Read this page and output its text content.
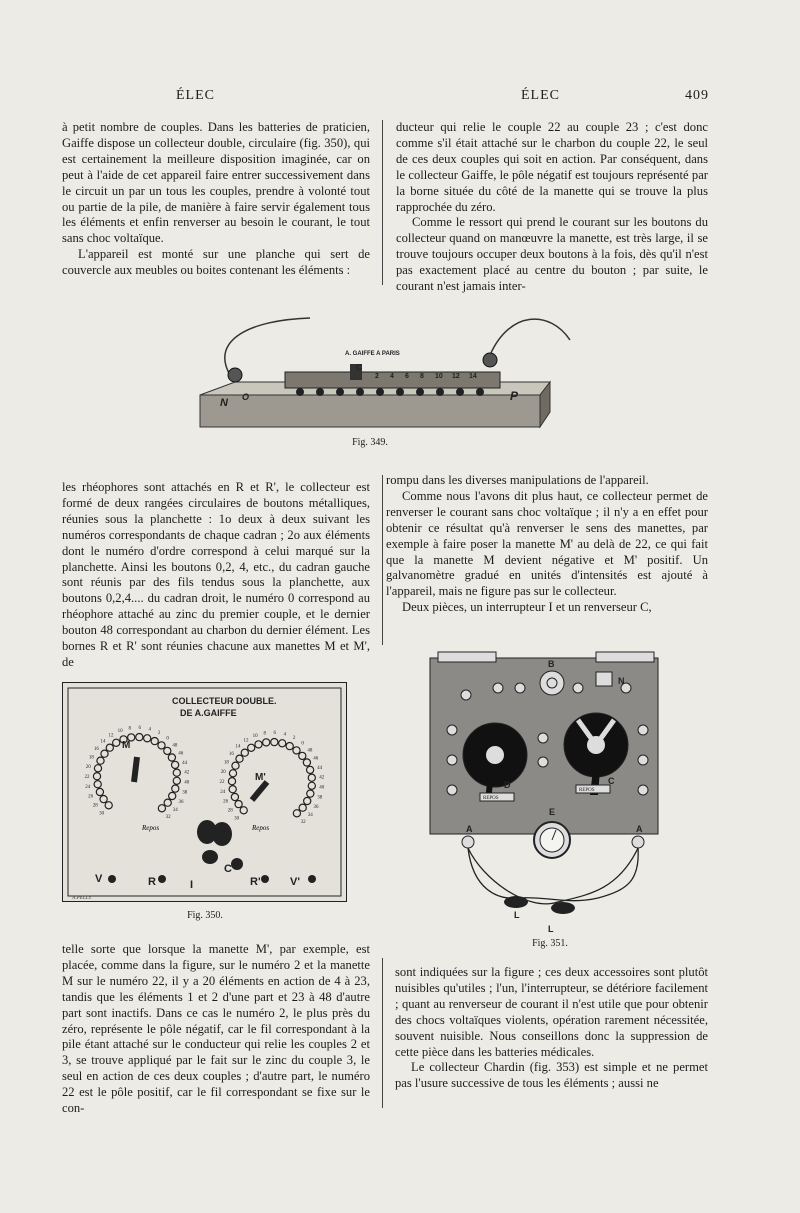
ÉLEC	ÉLEC	409

à petit nombre de couples. Dans les batteries de praticien, Gaiffe dispose un collecteur double, circulaire (fig. 350), qui est certainement la meilleure disposition imaginée, car on peut à l'aide de cet appareil faire entrer successivement dans le circuit un par un tous les couples, prendre à volonté tout ou partie de la pile, de manière à faire servir également tous les éléments et enfin renverser au besoin le courant, le tout sans choc voltaïque.

L'appareil est monté sur une planche qui sert de couvercle aux meubles ou boites contenant les éléments :

ducteur qui relie le couple 22 au couple 23 ; c'est donc comme s'il était attaché sur le charbon du couple 22, le seul de ces deux couples qui soit en action. Par conséquent, dans le collecteur Gaiffe, le pôle négatif est toujours représenté par la borne située du côté de la manette qui se trouve la plus rapprochée du zéro.

Comme le ressort qui prend le courant sur les boutons du collecteur quand on manœuvre la manette, est très large, il se trouve toujours occuper deux boutons à la fois, dès qu'il n'est pas exactement placé au centre du bouton ; par suite, le courant n'est jamais inter-

A. GAIFFE A PARIS
2 4 6 8 10 12 14
N O	P
C
Fig. 349.

les rhéophores sont attachés en R et R', le collecteur est formé de deux rangées circulaires de boutons métalliques, réunies sous la planchette : 1o deux à deux suivant les numéros correspondants de chaque cadran ; 2o aux éléments dont le numéro d'ordre correspond à celui marqué sur la planchette. Ainsi les boutons 0,2, 4, etc., du cadran gauche sont réunis par des fils tendus sous la planchette, aux boutons 0,2,4.... du cadran droit, le numéro 0 correspond au rhéophore attaché au zinc du premier couple, et le dernier bouton 48 correspondant au charbon du dernier élément. Les bornes R et R' sont réunies chacune aux manettes M et M', de

rompu dans les diverses manipulations de l'appareil.

Comme nous l'avons dit plus haut, ce collecteur permet de renverser le courant sans choc voltaïque ; il n'y a en effet pour obtenir ce résultat qu'à renverser le sens des manettes, par exemple à faire poser la manette M' au delà de 22, ce qui fait que la manette M devient négative et M' positif. Un galvanomètre gradué en unités d'intensités est ajouté à l'appareil, mais ne figure pas sur le collecteur.

Deux pièces, un interrupteur I et un renverseur C,

COLLECTEUR DOUBLE.
DE A.GAIFFE
30
28
26
24
22
20
18
16
14
12
10 8 6 4
2
0
48
46
44
42
40
38
36
34
32	30
28
26
24
22
20
18
16
14
12
10 8 6 4
2
0
48
46
44
42
40
38
36
34
32
M
M'
Repos	Repos
V	R	I
C
R'	V'
A.PELLY
Fig. 350.
REPOS
REPOS
B
N
D	C
E
A	A
L
L
Fig. 351.

telle sorte que lorsque la manette M', par exemple, est placée, comme dans la figure, sur le numéro 2 et la manette M sur le numéro 22, il y a 20 éléments en action de 4 à 23, tandis que les éléments 1 et 2 d'une part et 23 à 48 d'autre part sont inactifs. Dans ce cas le numéro 2, le plus près du zéro, représente le pôle négatif, car le fil correspondant à la pile étant attaché sur le conducteur qui relie les couples 2 et 3, se trouve appliqué par le fait sur le zinc du couple 3, le seul en action de ces deux couples ; d'autre part, le numéro 22 est le pôle positif, car le fil correspondant se fixe sur le con-

sont indiquées sur la figure ; ces deux accessoires sont plutôt nuisibles qu'utiles ; l'un, l'interrupteur, se détériore facilement ; quant au renverseur de courant il n'est utile que pour obtenir des chocs voltaïques violents, opération rarement nécessitée, souvent nuisible. Nous conseillons donc la suppression de cette pièce dans les batteries médicales.

Le collecteur Chardin (fig. 353) est simple et ne permet pas l'usure successive de tous les éléments ; aussi ne
